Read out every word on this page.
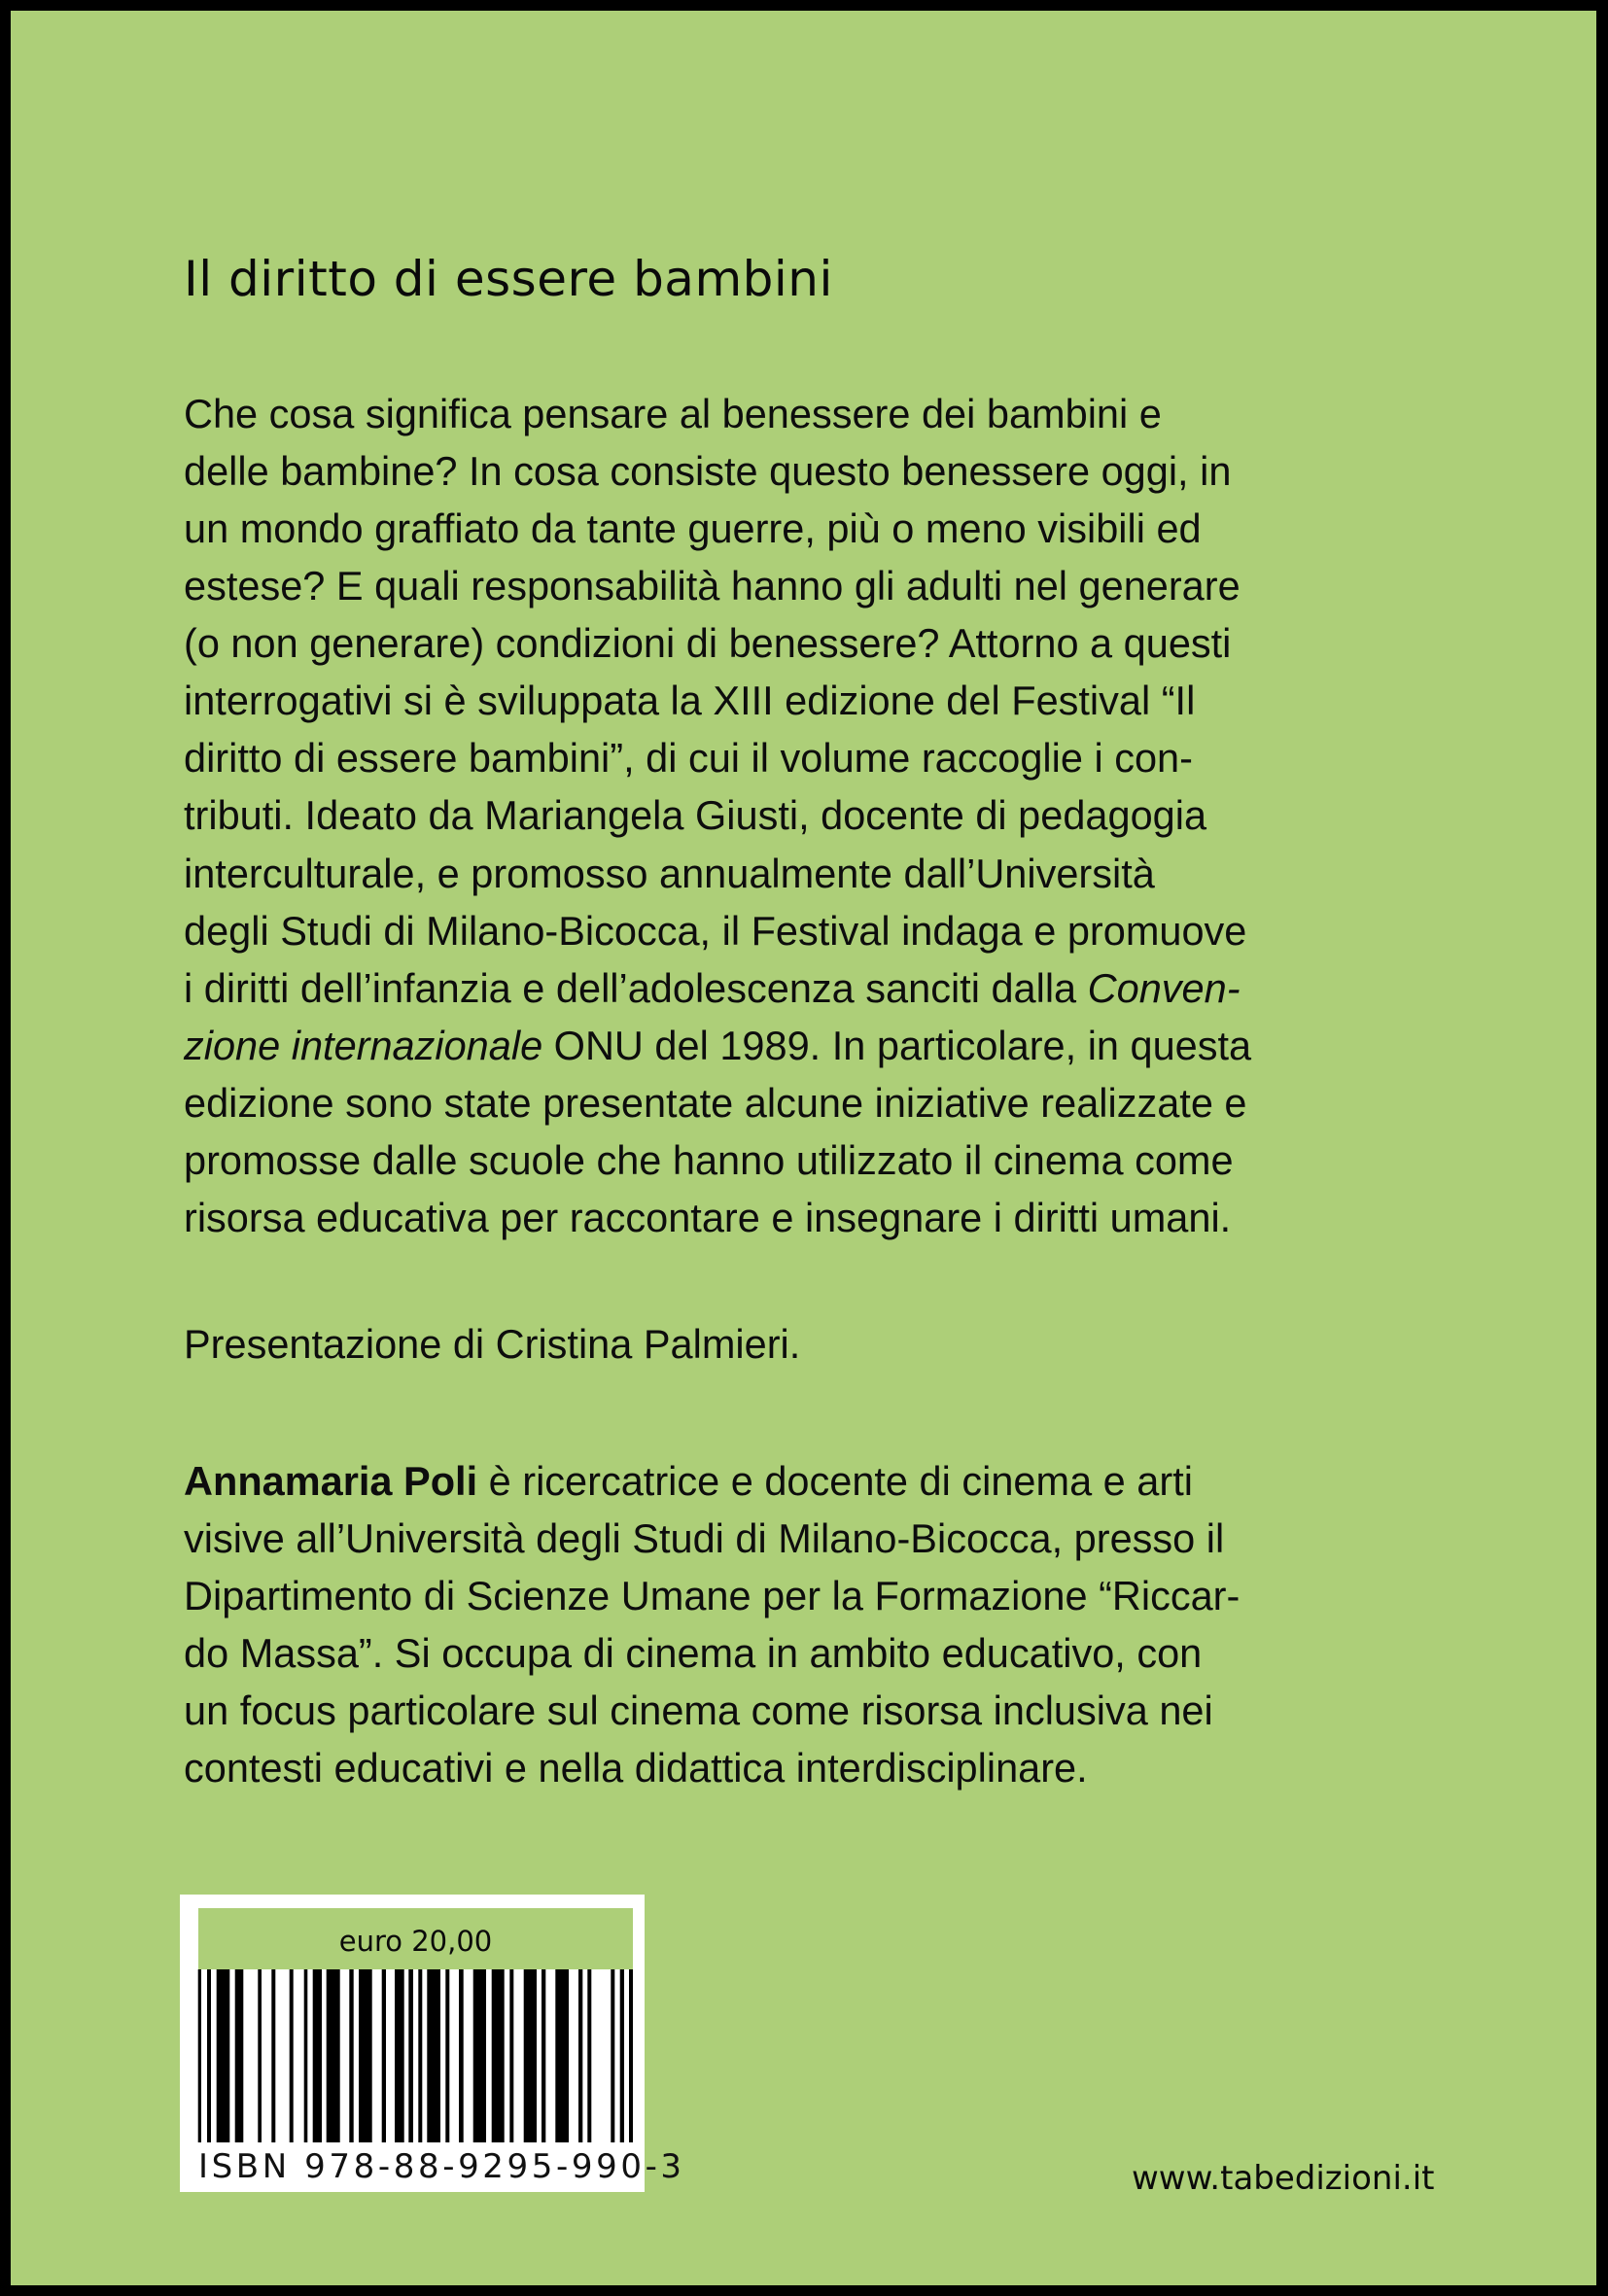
Il diritto di essere bambini

Che cosa significa pensare al benessere dei bambini e
delle bambine? In cosa consiste questo benessere oggi, in
un mondo graffiato da tante guerre, più o meno visibili ed
estese? E quali responsabilità hanno gli adulti nel generare
(o non generare) condizioni di benessere? Attorno a questi
interrogativi si è sviluppata la XIII edizione del Festival “Il
diritto di essere bambini”, di cui il volume raccoglie i con-
tributi. Ideato da Mariangela Giusti, docente di pedagogia
interculturale, e promosso annualmente dall’Università
degli Studi di Milano-Bicocca, il Festival indaga e promuove
i diritti dell’infanzia e dell’adolescenza sanciti dalla Conven-
zione internazionale ONU del 1989. In particolare, in questa
edizione sono state presentate alcune iniziative realizzate e
promosse dalle scuole che hanno utilizzato il cinema come
risorsa educativa per raccontare e insegnare i diritti umani.

Presentazione di Cristina Palmieri.

Annamaria Poli è ricercatrice e docente di cinema e arti
visive all’Università degli Studi di Milano-Bicocca, presso il
Dipartimento di Scienze Umane per la Formazione “Riccar-
do Massa”. Si occupa di cinema in ambito educativo, con
un focus particolare sul cinema come risorsa inclusiva nei
contesti educativi e nella didattica interdisciplinare.

euro 20,00
ISBN 978-88-9295-990-3	www.tabedizioni.it
